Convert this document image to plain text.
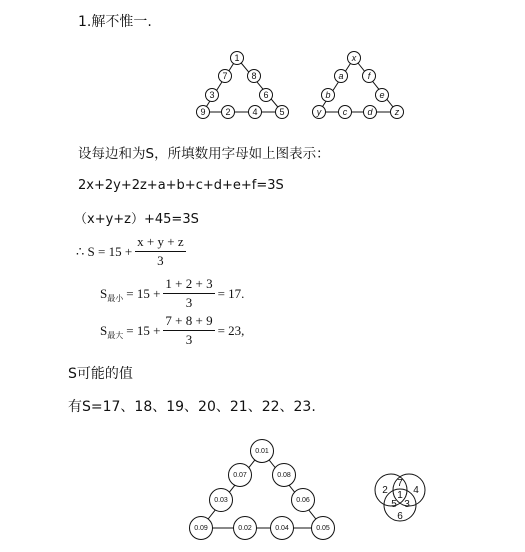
1.解不惟一.
1
7	8
3	6
9 2 4 5
x
a	f
b	e
y c d z
设每边和为S，所填数用字母如上图表示：
2x+2y+2z+a+b+c+d+e+f=3S
（x+y+z）+45=3S
∴ $S = 15 + \frac{x + y + z}{3}$
S 最小 = $15 + \frac{1 + 2 + 3}{3} = 17$.
S 最大 = $15 + \frac{7 + 8 + 9}{3} = 23$,
S可能的值
有S=17、18、19、20、21、22、23.
0.01
0.07	0.08
0.03	0.06
0.09	0.02	0.04	0.05
2
7
4
1
5 3
6
